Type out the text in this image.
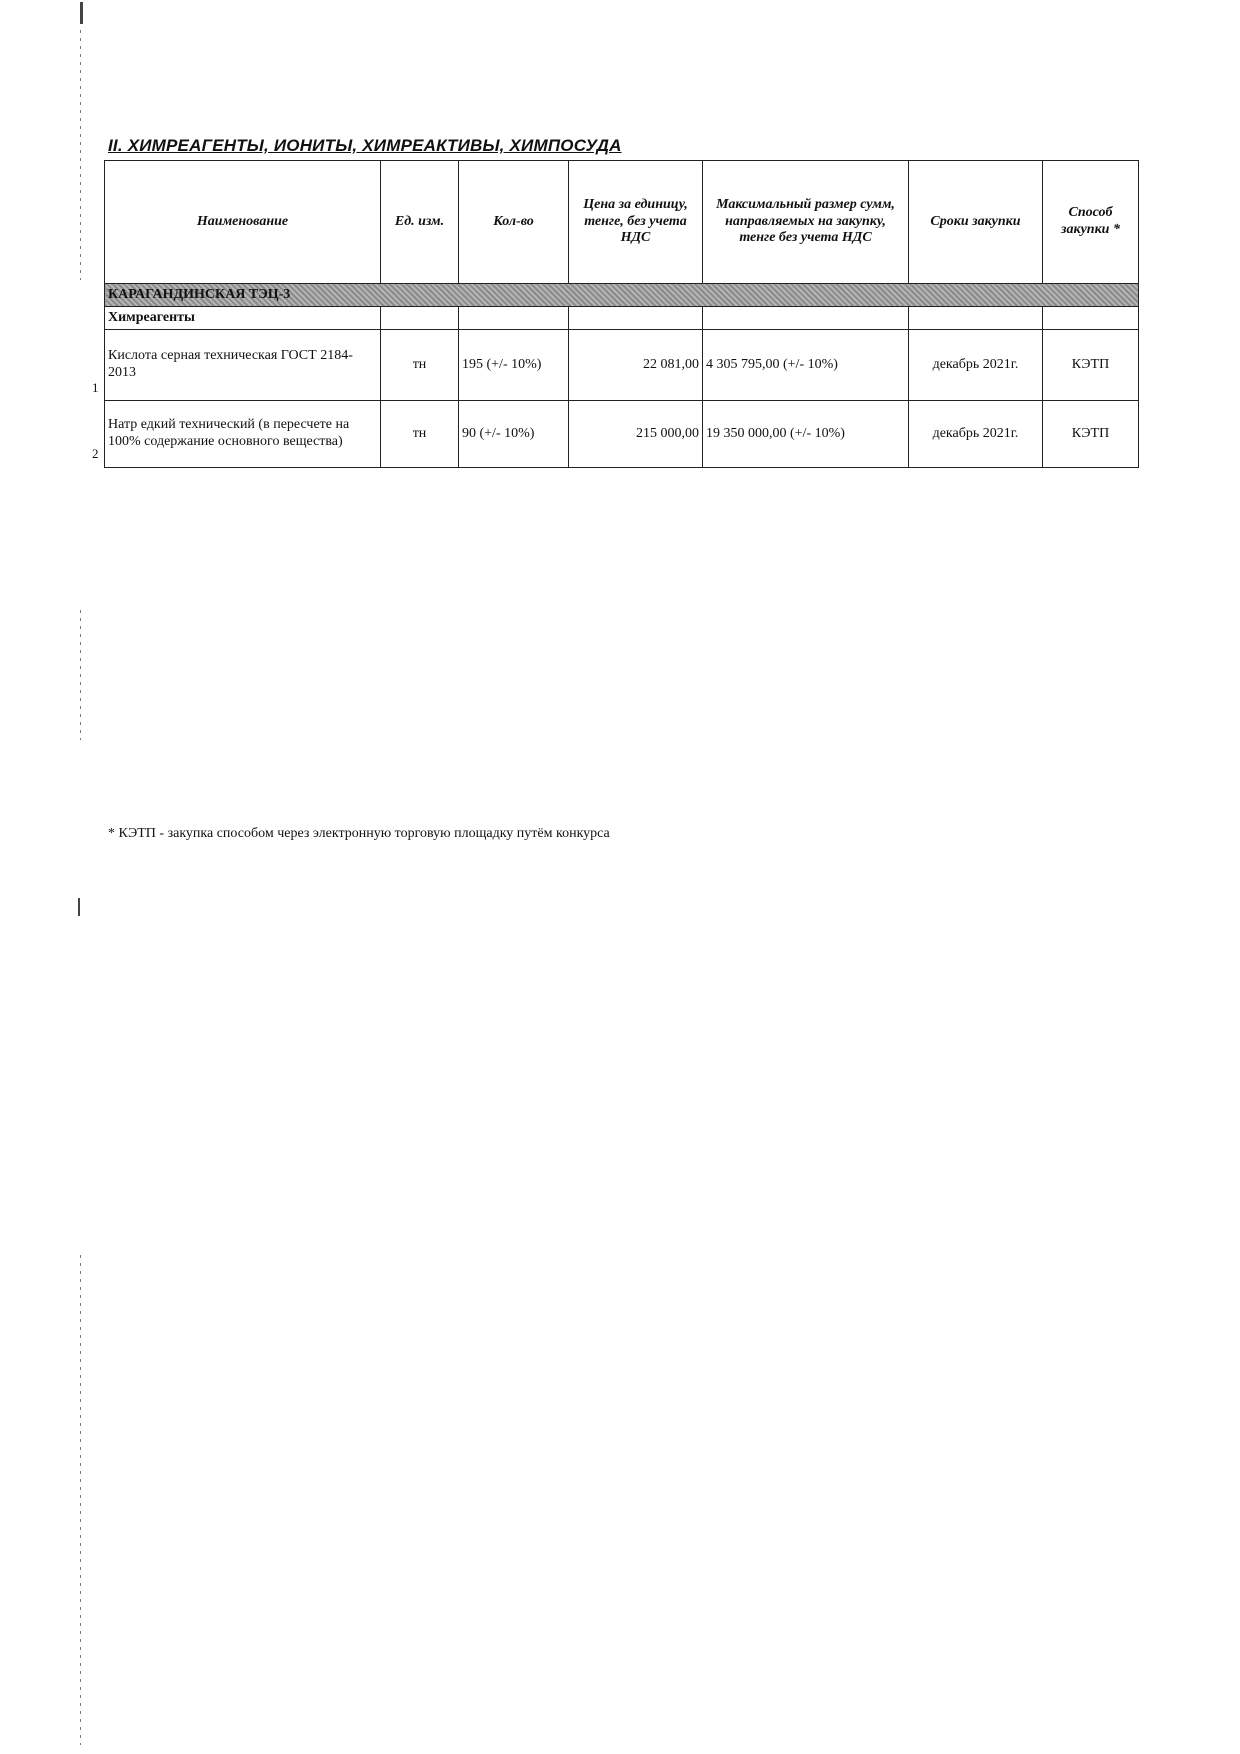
II. ХИМРЕАГЕНТЫ, ИОНИТЫ, ХИМРЕАКТИВЫ, ХИМПОСУДА
Наименование	Ед. изм.	Кол-во	Цена за единицу, тенге, без учета НДС	Максимальный размер сумм, направляемых на закупку, тенге без учета НДС	Сроки закупки	Способ закупки *
КАРАГАНДИНСКАЯ ТЭЦ-3						
Химреагенты						
Кислота серная техническая ГОСТ 2184-2013	тн	195 (+/- 10%)	22 081,00	4 305 795,00 (+/- 10%)	декабрь 2021г.	КЭТП
Натр едкий технический (в пересчете на 100% содержание основного вещества)	тн	90 (+/- 10%)	215 000,00	19 350 000,00 (+/- 10%)	декабрь 2021г.	КЭТП
1
2
* КЭТП - закупка способом через электронную торговую площадку путём конкурса
